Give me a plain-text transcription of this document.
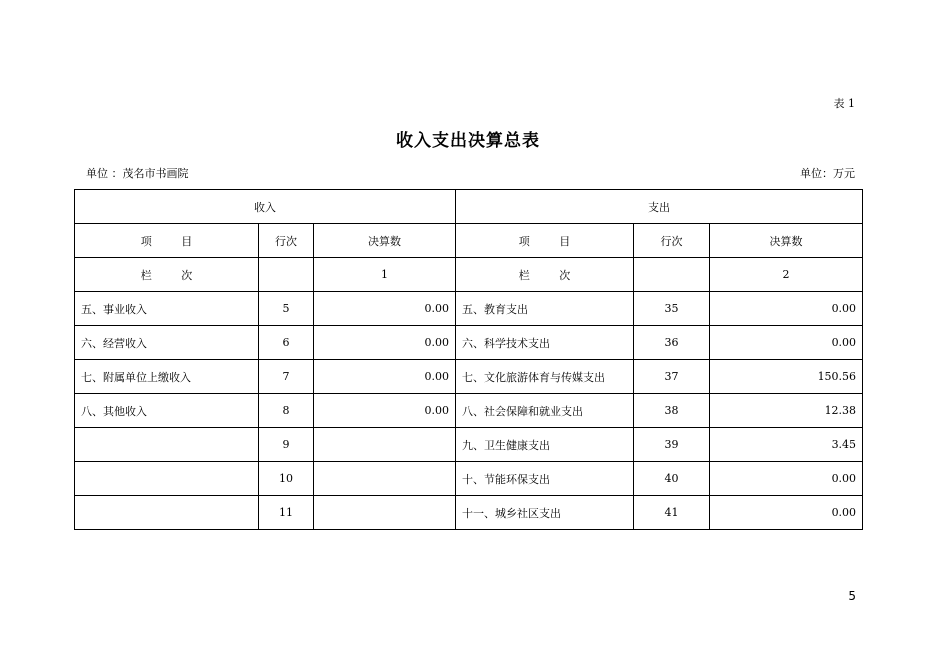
表 1
收入支出决算总表
单位 ：茂名市书画院	单位：万元
收入			支出		
项 目	行次	决算数	项 目	行次	决算数
栏 次		1	栏 次		2
五、事业收入	5	0.00	五、教育支出	35	0.00
六、经营收入	6	0.00	六、科学技术支出	36	0.00
七、附属单位上缴收入	7	0.00	七、文化旅游体育与传媒支出	37	150.56
八、其他收入	8	0.00	八、社会保障和就业支出	38	12.38
	9		九、卫生健康支出	39	3.45
	10		十、节能环保支出	40	0.00
	11		十一、城乡社区支出	41	0.00
5
